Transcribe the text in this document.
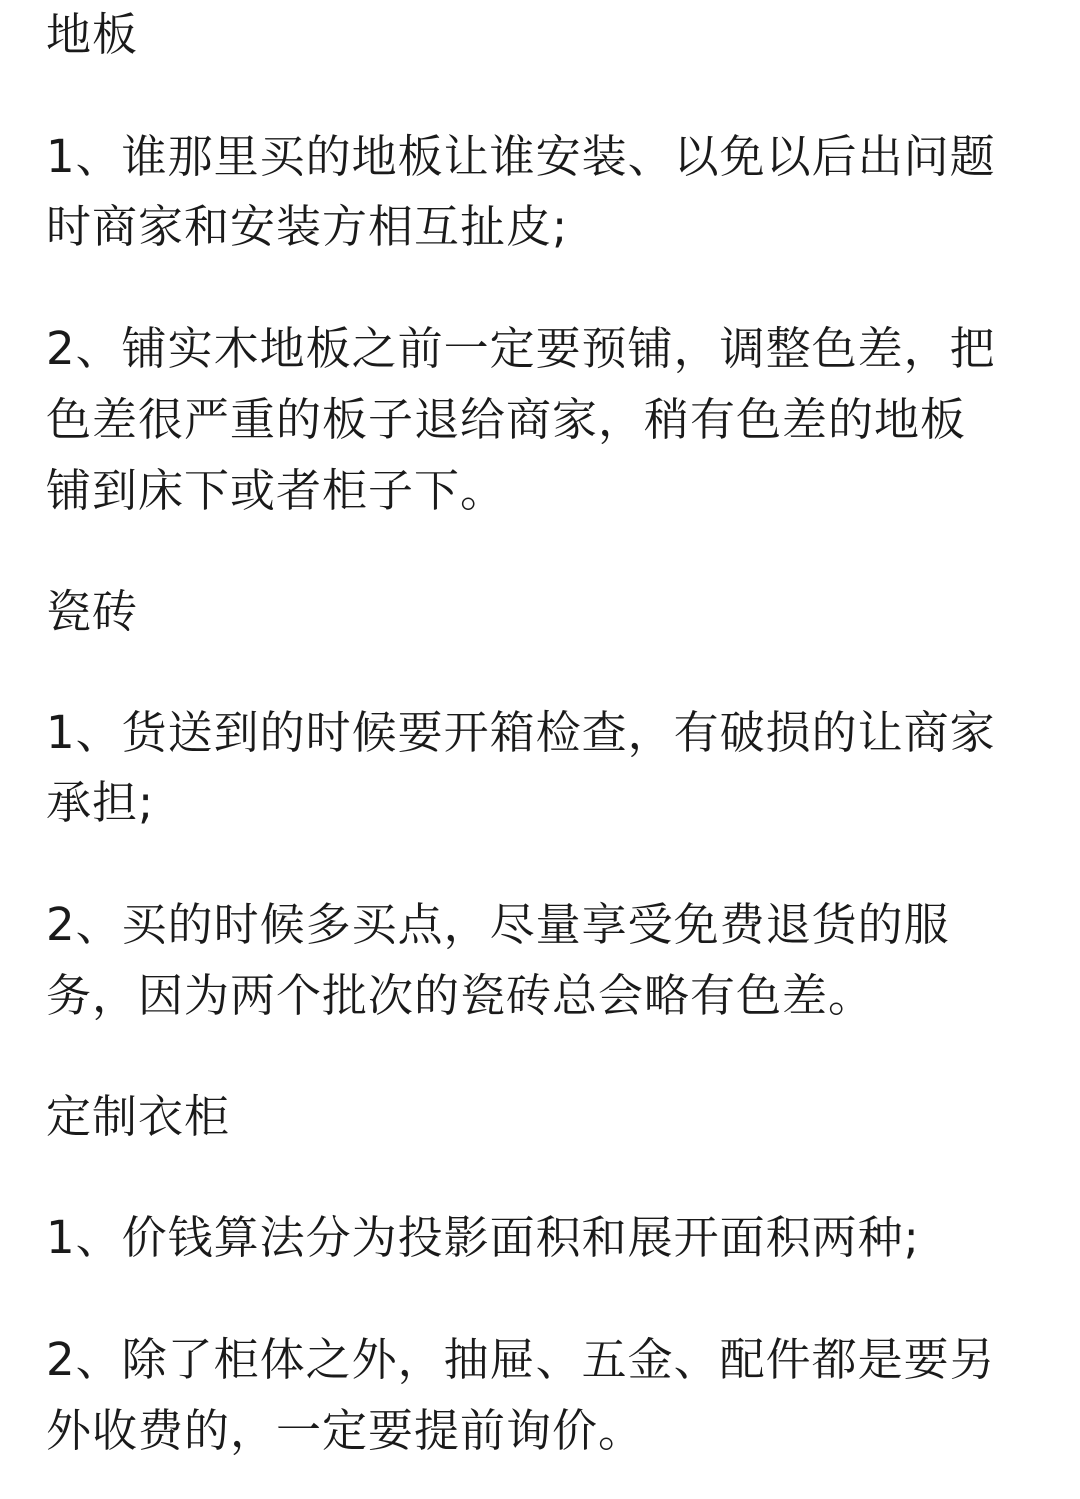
地板
1、谁那里买的地板让谁安装、以免以后出问题
时商家和安装方相互扯皮;
2、铺实木地板之前一定要预铺，调整色差，把
色差很严重的板子退给商家，稍有色差的地板
铺到床下或者柜子下。
瓷砖
1、货送到的时候要开箱检查，有破损的让商家
承担;
2、买的时候多买点，尽量享受免费退货的服
务，因为两个批次的瓷砖总会略有色差。
定制衣柜
1、价钱算法分为投影面积和展开面积两种;
2、除了柜体之外，抽屉、五金、配件都是要另
外收费的，一定要提前询价。
